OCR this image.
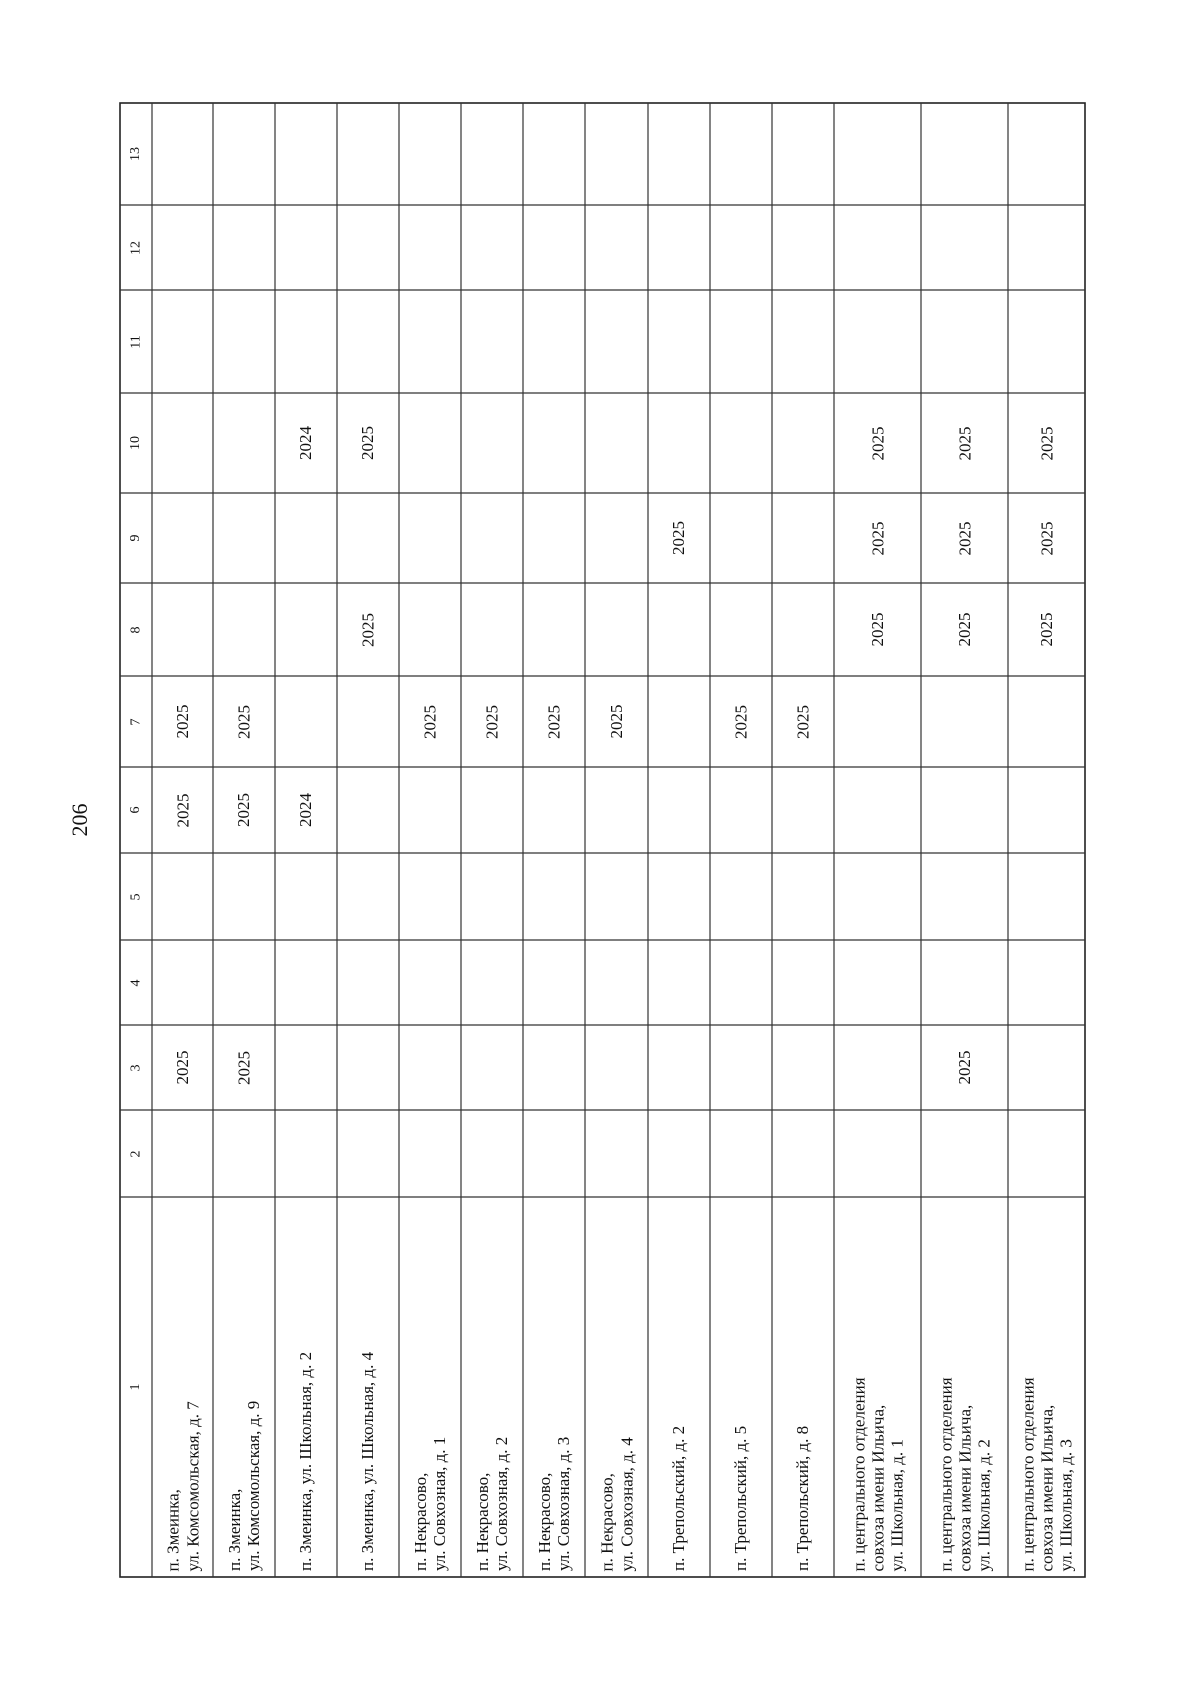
206
1
2
3
4
5
6
7
8
9
10
11
12
13
п. Змеинка,
ул. Комсомольская, д. 7
2025
2025
2025
п. Змеинка,
ул. Комсомольская, д. 9
2025
2025
2025
п. Змеинка, ул. Школьная, д. 2
2024
2024
п. Змеинка, ул. Школьная, д. 4
2025
2025
п. Некрасово,
ул. Совхозная, д. 1
2025
п. Некрасово,
ул. Совхозная, д. 2
2025
п. Некрасово,
ул. Совхозная, д. 3
2025
п. Некрасово,
ул. Совхозная, д. 4
2025
п. Трепольский, д. 2
2025
п. Трепольский, д. 5
2025
п. Трепольский, д. 8
2025
п. центрального отделения
совхоза имени Ильича,
ул. Школьная, д. 1
2025
2025
2025
п. центрального отделения
совхоза имени Ильича,
ул. Школьная, д. 2
2025
2025
2025
2025
п. центрального отделения
совхоза имени Ильича,
ул. Школьная, д. 3
2025
2025
2025
